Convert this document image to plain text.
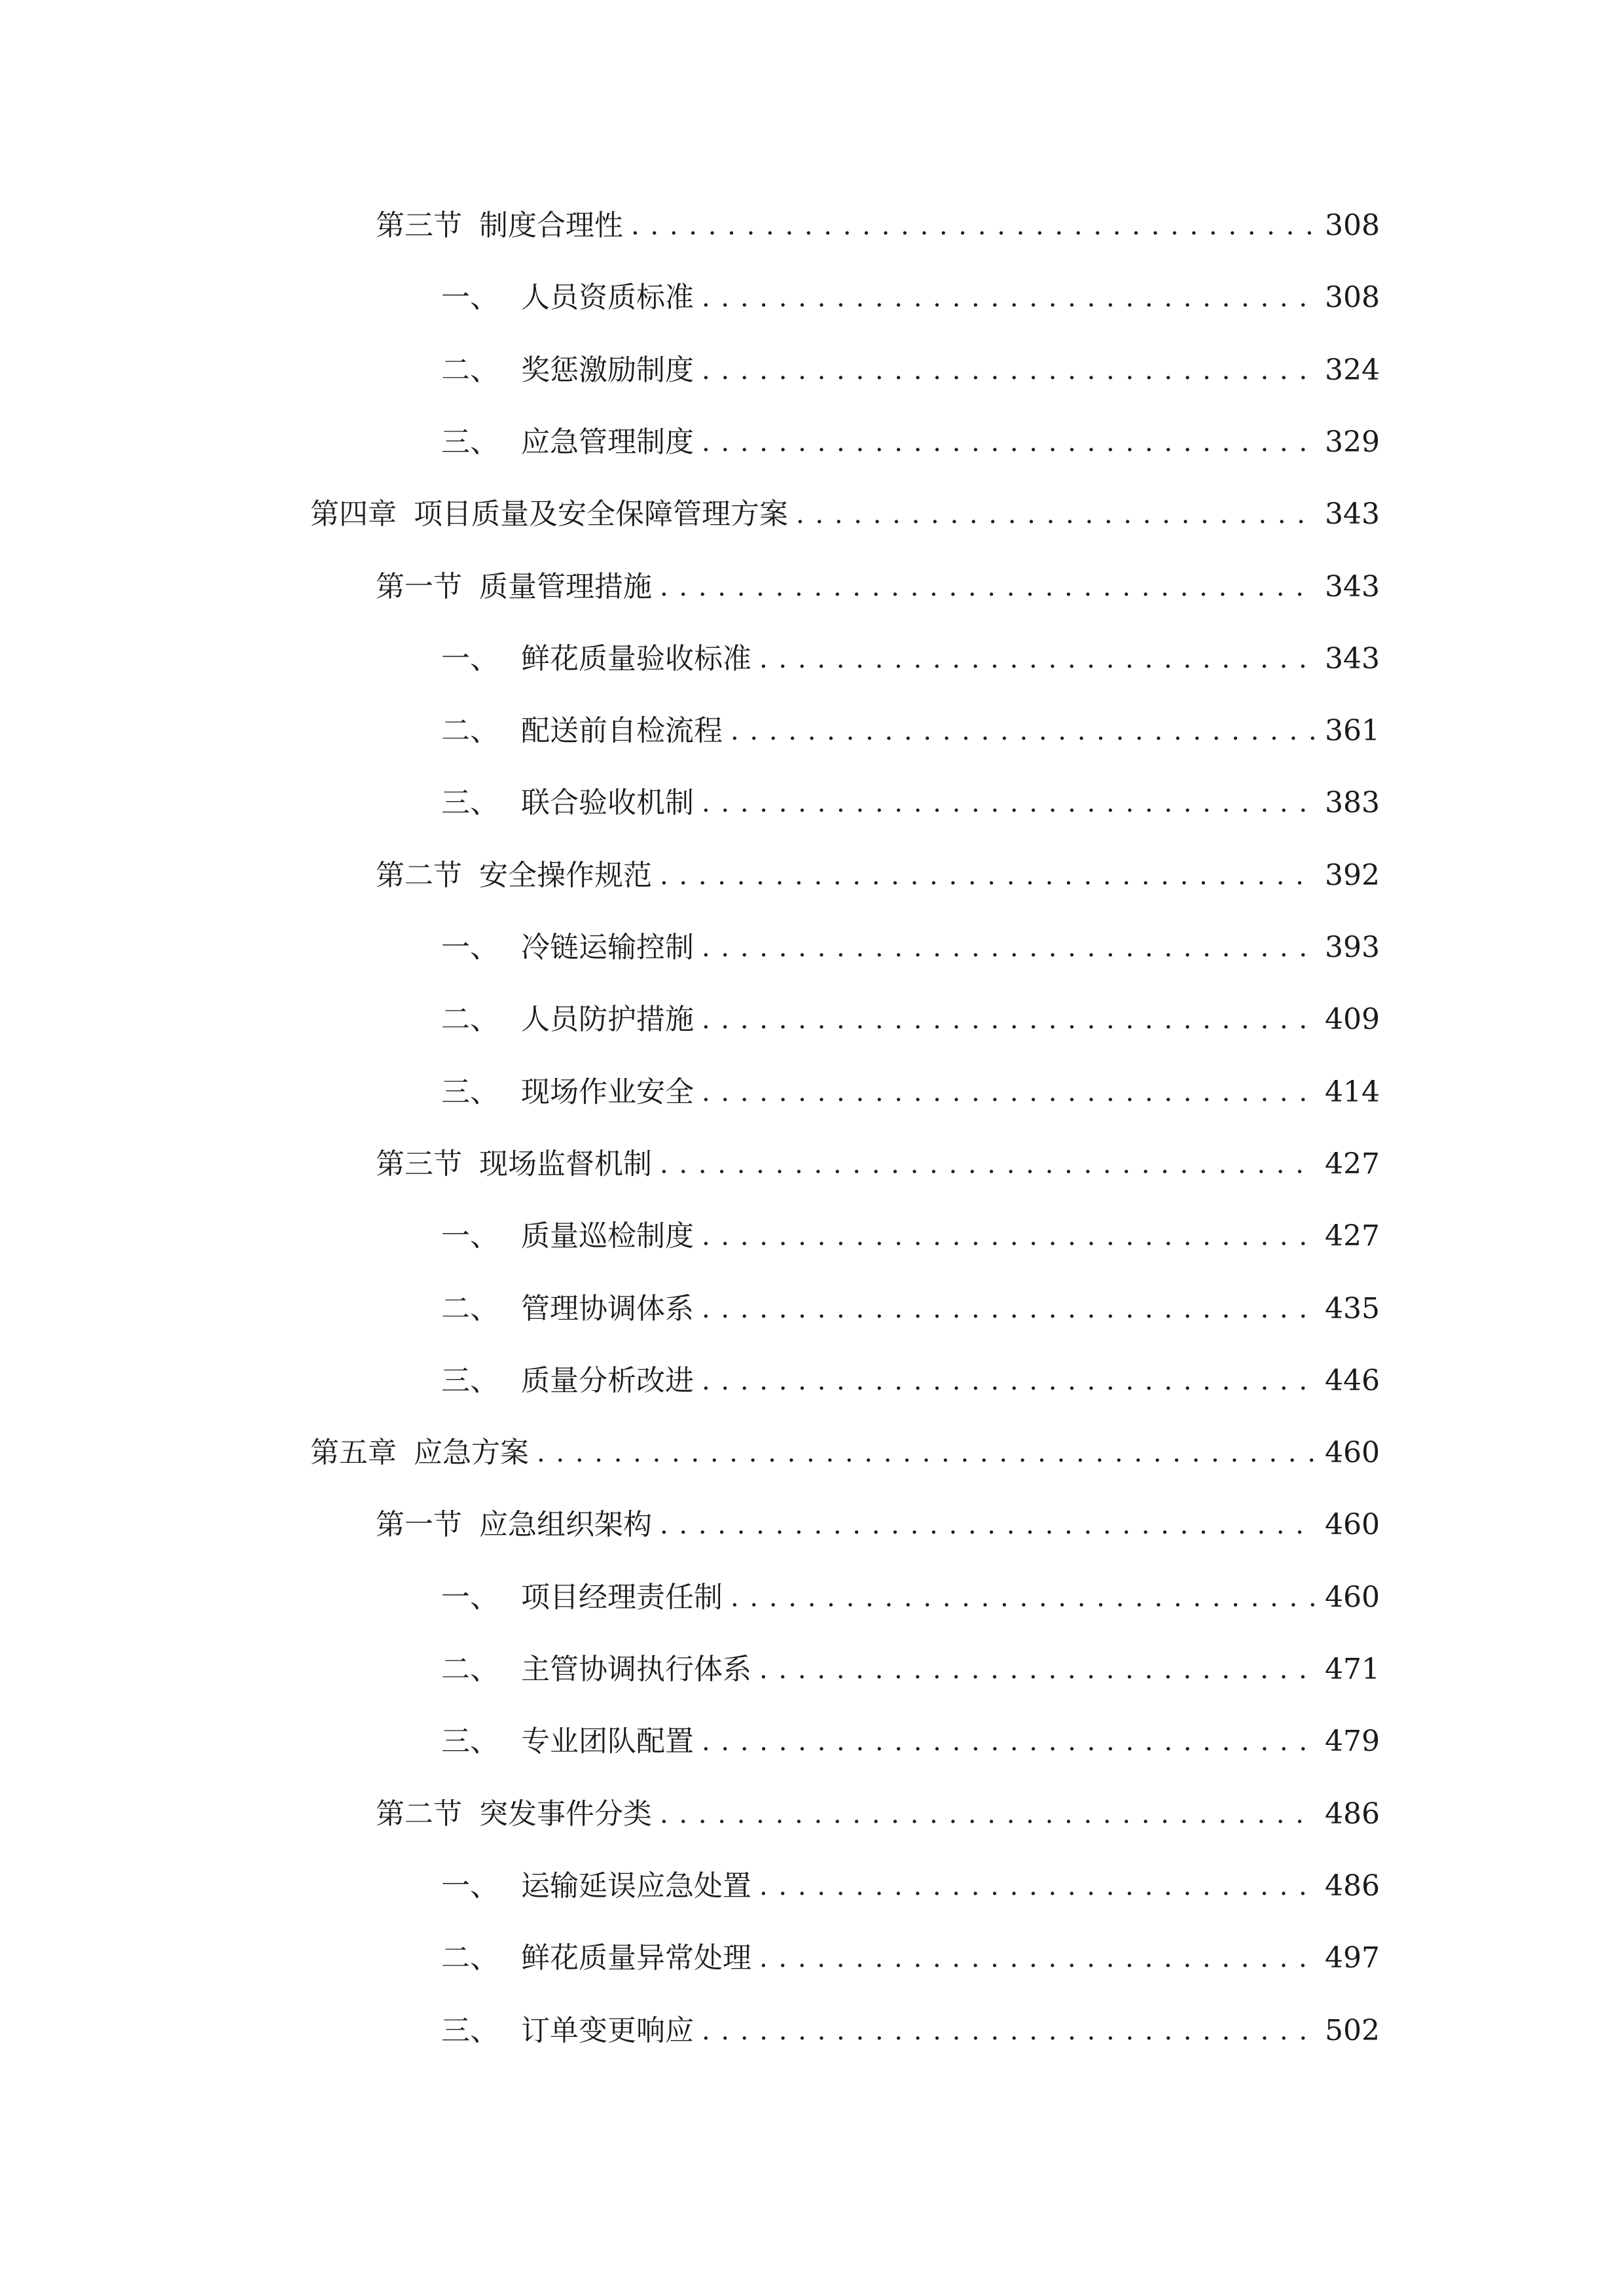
第三节 制度合理性 . . .	308
一、 人员资质标准 . . .	308
二、 奖惩激励制度 . . .	324
三、 应急管理制度 . . .	329
第四章 项目质量及安全保障管理方案 . . .	343
第一节 质量管理措施 . . .	343
一、 鲜花质量验收标准 . . .	343
二、 配送前自检流程 . . .	361
三、 联合验收机制 . . .	383
第二节 安全操作规范 . . .	392
一、 冷链运输控制 . . .	393
二、 人员防护措施 . . .	409
三、 现场作业安全 . . .	414
第三节 现场监督机制 . . .	427
一、 质量巡检制度 . . .	427
二、 管理协调体系 . . .	435
三、 质量分析改进 . . .	446
第五章 应急方案 . . .	460
第一节 应急组织架构 . . .	460
一、 项目经理责任制 . . .	460
二、 主管协调执行体系 . . .	471
三、 专业团队配置 . . .	479
第二节 突发事件分类 . . .	486
一、 运输延误应急处置 . . .	486
二、 鲜花质量异常处理 . . .	497
三、 订单变更响应 . . .	502
